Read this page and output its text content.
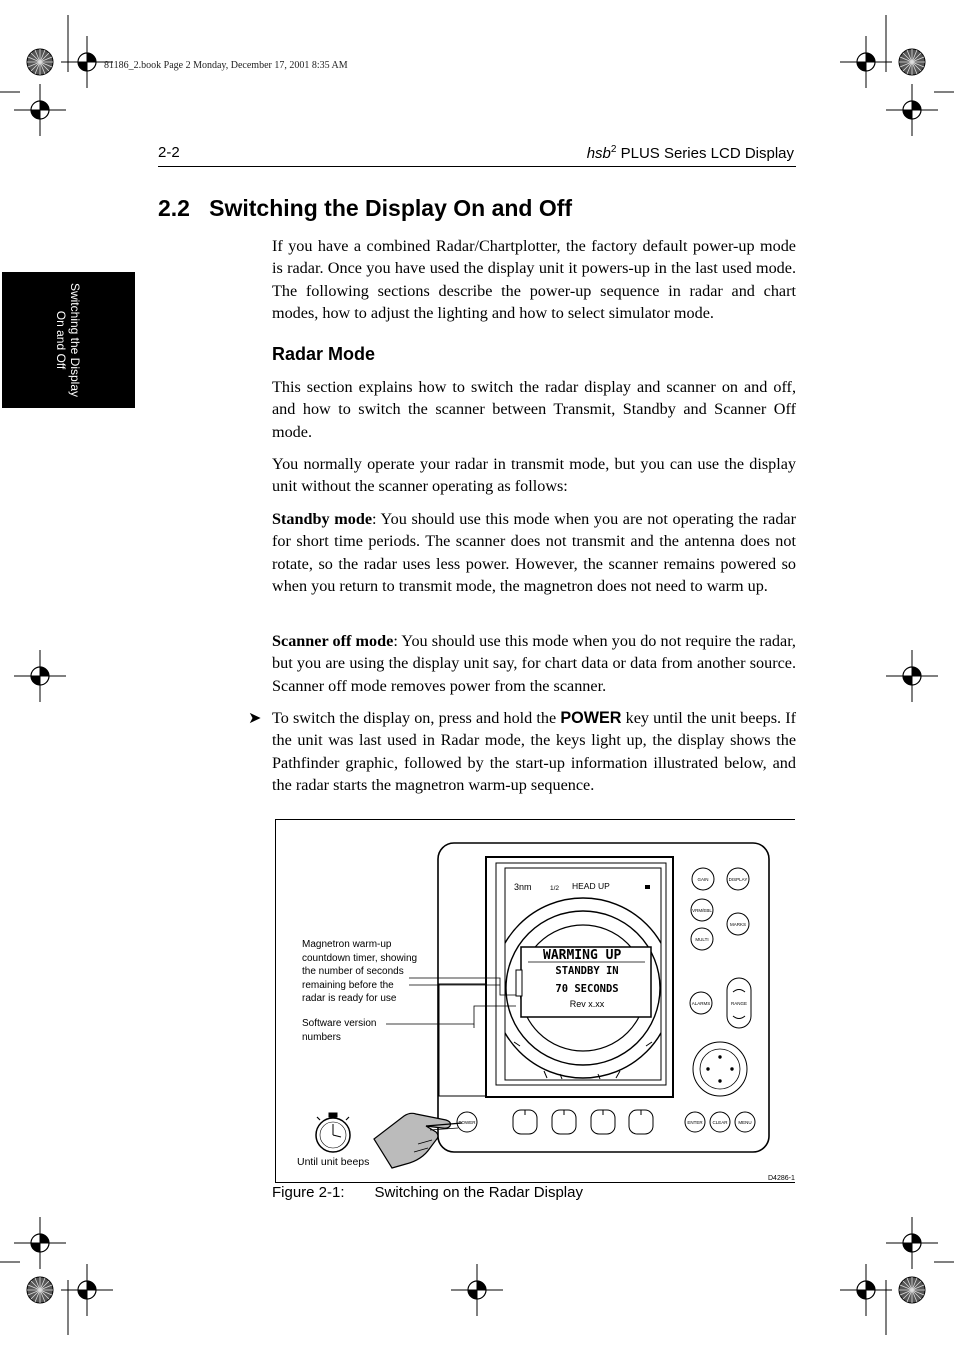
81186_2.book Page 2 Monday, December 17, 2001 8:35 AM
2-2	hsb$^2$ PLUS Series LCD Display
Switching the Display
On and Off
2.2 Switching the Display On and Off

If you have a combined Radar/Chartplotter, the factory default power-up mode is radar. Once you have used the display unit it powers-up in the last used mode. The following sections describe the power-up sequence in radar and chart modes, how to adjust the lighting and how to select simulator mode.

Radar Mode

This section explains how to switch the radar display and scanner on and off, and how to switch the scanner between Transmit, Standby and Scanner Off mode.

You normally operate your radar in transmit mode, but you can use the display unit without the scanner operating as follows:

Standby mode: You should use this mode when you are not operating the radar for short time periods. The scanner does not transmit and the antenna does not rotate, so the radar uses less power. However, the scanner remains powered so when you return to transmit mode, the magnetron does not need to warm up.

Scanner off mode: You should use this mode when you do not require the radar, but you are using the display unit say, for chart data or data from another source. Scanner off mode removes power from the scanner.

➤ To switch the display on, press and hold the POWER key until the unit beeps. If the unit was last used in Radar mode, the keys light up, the display shows the Pathfinder graphic, followed by the start-up information illustrated below, and the radar starts the magnetron warm-up sequence.

3nm	1/2 HEAD UP
WARMING UP
STANDBY IN
70 SECONDS
Rev x.xx
GAIN	DISPLAY
VRM/EBL
MARKS
MULTI
ALARMS	RANGE
ENTER CLEAR MENU
POWER
D4286-1
Magnetron warm-up
countdown timer, showing
the number of seconds
remaining before the
radar is ready for use
Software version
numbers
Until unit beeps
Figure 2-1: Switching on the Radar Display
